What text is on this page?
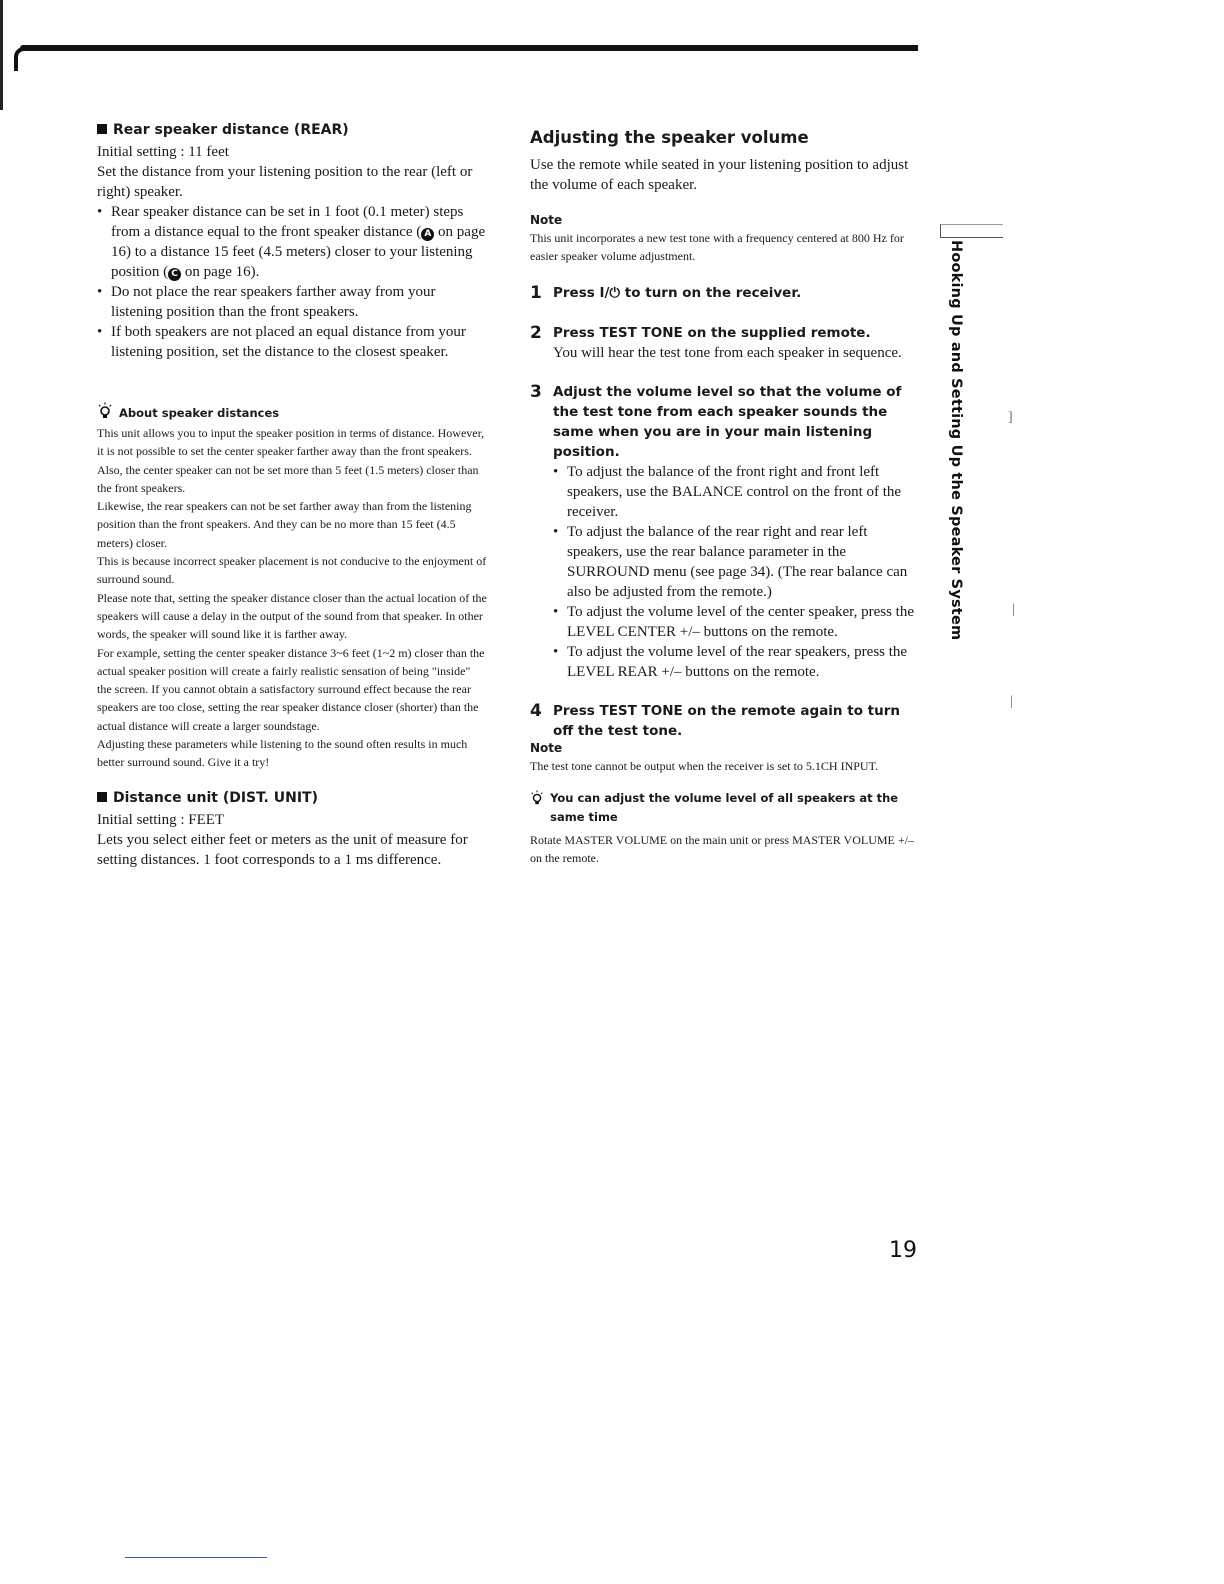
Rear speaker distance (REAR)

Initial setting : 11 feet

Set the distance from your listening position to the rear (left or right) speaker.

• Rear speaker distance can be set in 1 foot (0.1 meter) steps from a distance equal to the front speaker distance ( A on page 16) to a distance 15 feet (4.5 meters) closer to your listening position ( C on page 16).
• Do not place the rear speakers farther away from your listening position than the front speakers.
• If both speakers are not placed an equal distance from your listening position, set the distance to the closest speaker.
About speaker distances

This unit allows you to input the speaker position in terms of distance. However, it is not possible to set the center speaker farther away than the front speakers. Also, the center speaker can not be set more than 5 feet (1.5 meters) closer than the front speakers.

Likewise, the rear speakers can not be set farther away than from the listening position than the front speakers. And they can be no more than 15 feet (4.5 meters) closer.

This is because incorrect speaker placement is not conducive to the enjoyment of surround sound.

Please note that, setting the speaker distance closer than the actual location of the speakers will cause a delay in the output of the sound from that speaker. In other words, the speaker will sound like it is farther away.

For example, setting the center speaker distance 3~6 feet (1~2 m) closer than the actual speaker position will create a fairly realistic sensation of being "inside" the screen. If you cannot obtain a satisfactory surround effect because the rear speakers are too close, setting the rear speaker distance closer (shorter) than the actual distance will create a larger soundstage.

Adjusting these parameters while listening to the sound often results in much better surround sound. Give it a try!

Distance unit (DIST. UNIT)

Initial setting : FEET

Lets you select either feet or meters as the unit of measure for setting distances. 1 foot corresponds to a 1 ms difference.

Adjusting the speaker volume

Use the remote while seated in your listening position to adjust the volume of each speaker.

Note

This unit incorporates a new test tone with a frequency centered at 800 Hz for easier speaker volume adjustment.

1 Press I/⏻ to turn on the receiver.

2 Press TEST TONE on the supplied remote.

You will hear the test tone from each speaker in sequence.

3 Adjust the volume level so that the volume of the test tone from each speaker sounds the same when you are in your main listening position.

• To adjust the balance of the front right and front left speakers, use the BALANCE control on the front of the receiver.
• To adjust the balance of the rear right and rear left speakers, use the rear balance parameter in the SURROUND menu (see page 34). (The rear balance can also be adjusted from the remote.)
• To adjust the volume level of the center speaker, press the LEVEL CENTER +/– buttons on the remote.
• To adjust the volume level of the rear speakers, press the LEVEL REAR +/– buttons on the remote.
4 Press TEST TONE on the remote again to turn off the test tone.

Note

The test tone cannot be output when the receiver is set to 5.1CH INPUT.

You can adjust the volume level of all speakers at the same time

Rotate MASTER VOLUME on the main unit or press MASTER VOLUME +/– on the remote.

Hooking Up and Setting Up the Speaker System	]
|
|
19
